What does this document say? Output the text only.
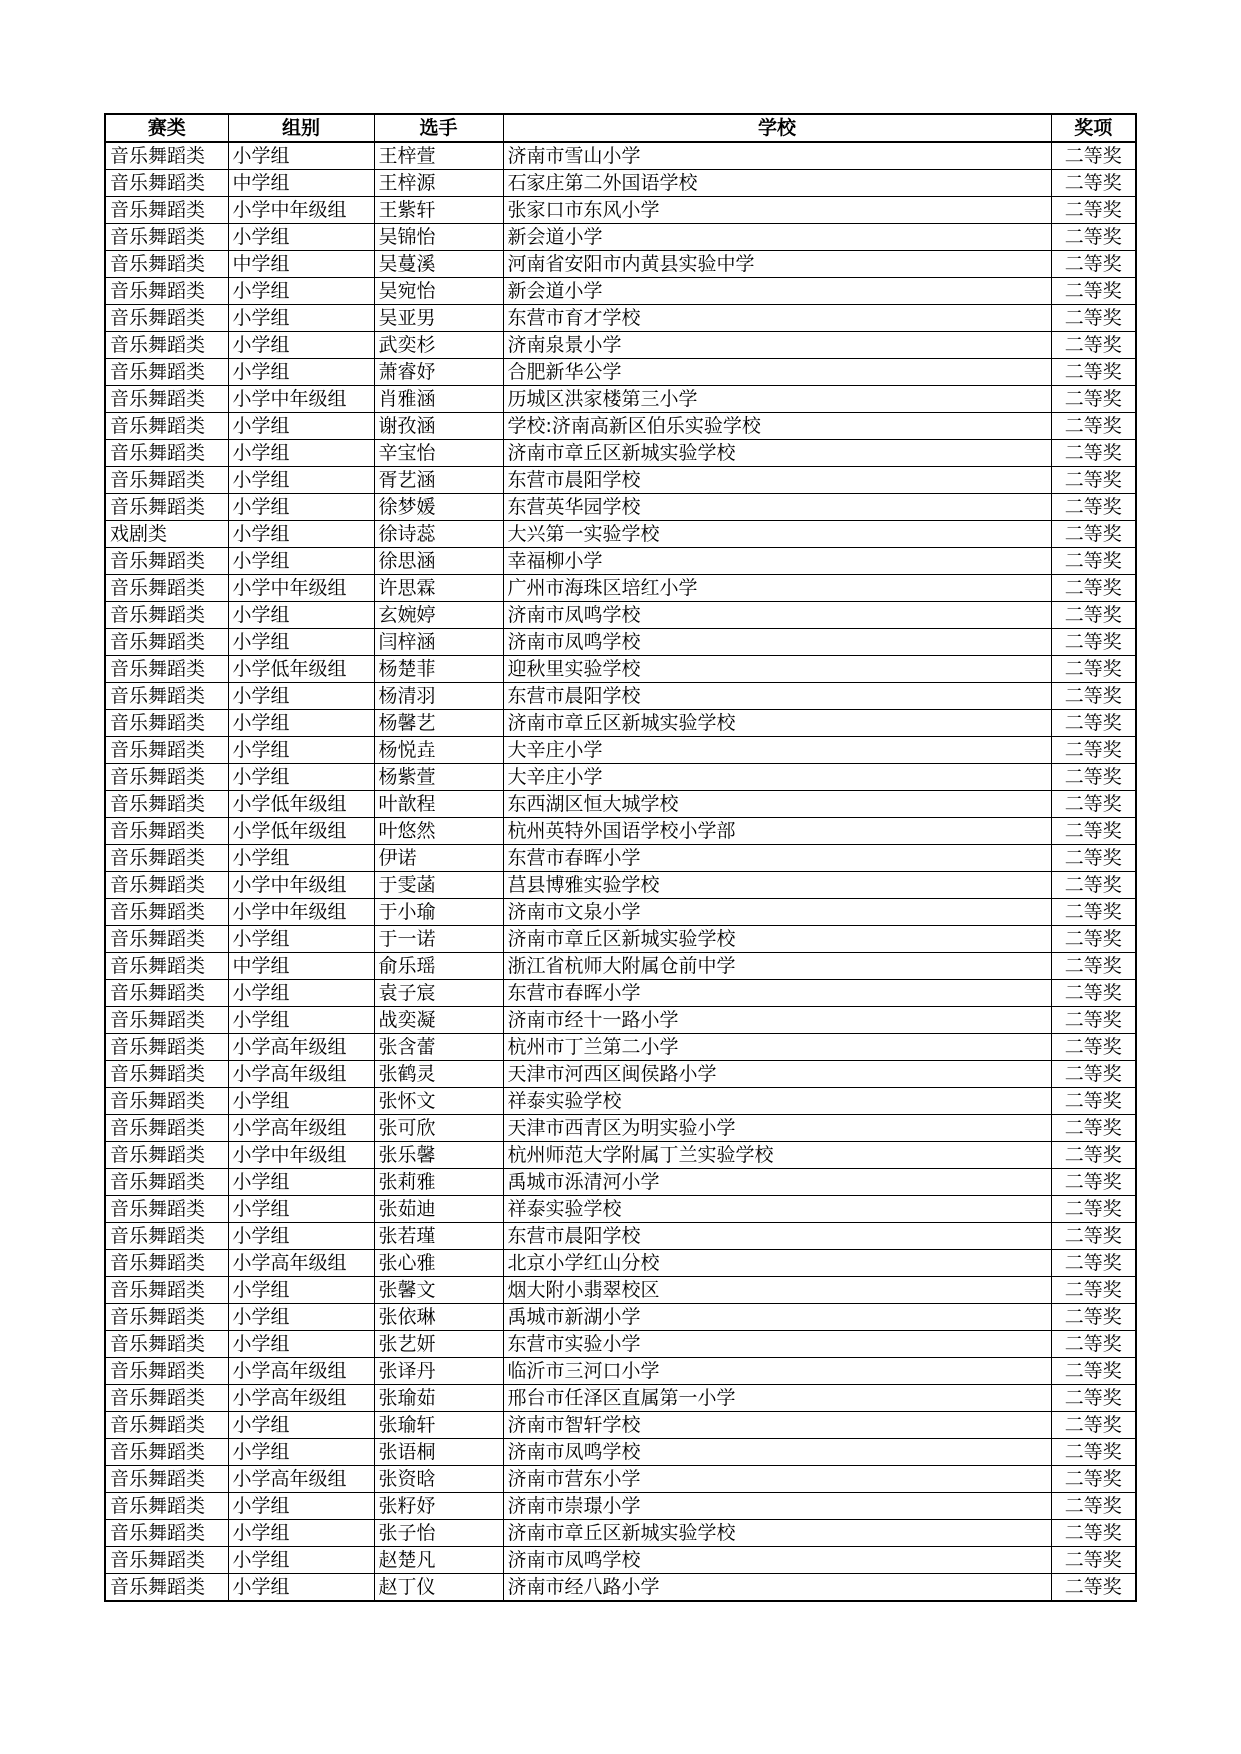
赛类	组别	选手	学校	奖项
音乐舞蹈类	小学组	王梓萱	济南市雪山小学	二等奖
音乐舞蹈类	中学组	王梓源	石家庄第二外国语学校	二等奖
音乐舞蹈类	小学中年级组	王紫轩	张家口市东风小学	二等奖
音乐舞蹈类	小学组	吴锦怡	新会道小学	二等奖
音乐舞蹈类	中学组	吴蔓溪	河南省安阳市内黄县实验中学	二等奖
音乐舞蹈类	小学组	吴宛怡	新会道小学	二等奖
音乐舞蹈类	小学组	吴亚男	东营市育才学校	二等奖
音乐舞蹈类	小学组	武奕杉	济南泉景小学	二等奖
音乐舞蹈类	小学组	萧睿妤	合肥新华公学	二等奖
音乐舞蹈类	小学中年级组	肖雅涵	历城区洪家楼第三小学	二等奖
音乐舞蹈类	小学组	谢孜涵	学校:济南高新区伯乐实验学校	二等奖
音乐舞蹈类	小学组	辛宝怡	济南市章丘区新城实验学校	二等奖
音乐舞蹈类	小学组	胥艺涵	东营市晨阳学校	二等奖
音乐舞蹈类	小学组	徐梦媛	东营英华园学校	二等奖
戏剧类	小学组	徐诗蕊	大兴第一实验学校	二等奖
音乐舞蹈类	小学组	徐思涵	幸福柳小学	二等奖
音乐舞蹈类	小学中年级组	许思霖	广州市海珠区培红小学	二等奖
音乐舞蹈类	小学组	玄婉婷	济南市凤鸣学校	二等奖
音乐舞蹈类	小学组	闫梓涵	济南市凤鸣学校	二等奖
音乐舞蹈类	小学低年级组	杨楚菲	迎秋里实验学校	二等奖
音乐舞蹈类	小学组	杨清羽	东营市晨阳学校	二等奖
音乐舞蹈类	小学组	杨馨艺	济南市章丘区新城实验学校	二等奖
音乐舞蹈类	小学组	杨悦垚	大辛庄小学	二等奖
音乐舞蹈类	小学组	杨紫萱	大辛庄小学	二等奖
音乐舞蹈类	小学低年级组	叶歆程	东西湖区恒大城学校	二等奖
音乐舞蹈类	小学低年级组	叶悠然	杭州英特外国语学校小学部	二等奖
音乐舞蹈类	小学组	伊诺	东营市春晖小学	二等奖
音乐舞蹈类	小学中年级组	于雯菡	莒县博雅实验学校	二等奖
音乐舞蹈类	小学中年级组	于小瑜	济南市文泉小学	二等奖
音乐舞蹈类	小学组	于一诺	济南市章丘区新城实验学校	二等奖
音乐舞蹈类	中学组	俞乐瑶	浙江省杭师大附属仓前中学	二等奖
音乐舞蹈类	小学组	袁子宸	东营市春晖小学	二等奖
音乐舞蹈类	小学组	战奕凝	济南市经十一路小学	二等奖
音乐舞蹈类	小学高年级组	张含蕾	杭州市丁兰第二小学	二等奖
音乐舞蹈类	小学高年级组	张鹤灵	天津市河西区闽侯路小学	二等奖
音乐舞蹈类	小学组	张怀文	祥泰实验学校	二等奖
音乐舞蹈类	小学高年级组	张可欣	天津市西青区为明实验小学	二等奖
音乐舞蹈类	小学中年级组	张乐馨	杭州师范大学附属丁兰实验学校	二等奖
音乐舞蹈类	小学组	张莉雅	禹城市泺清河小学	二等奖
音乐舞蹈类	小学组	张茹迪	祥泰实验学校	二等奖
音乐舞蹈类	小学组	张若瑾	东营市晨阳学校	二等奖
音乐舞蹈类	小学高年级组	张心雅	北京小学红山分校	二等奖
音乐舞蹈类	小学组	张馨文	烟大附小翡翠校区	二等奖
音乐舞蹈类	小学组	张依琳	禹城市新湖小学	二等奖
音乐舞蹈类	小学组	张艺妍	东营市实验小学	二等奖
音乐舞蹈类	小学高年级组	张译丹	临沂市三河口小学	二等奖
音乐舞蹈类	小学高年级组	张瑜茹	邢台市任泽区直属第一小学	二等奖
音乐舞蹈类	小学组	张瑜轩	济南市智轩学校	二等奖
音乐舞蹈类	小学组	张语桐	济南市凤鸣学校	二等奖
音乐舞蹈类	小学高年级组	张资晗	济南市营东小学	二等奖
音乐舞蹈类	小学组	张籽妤	济南市崇璟小学	二等奖
音乐舞蹈类	小学组	张子怡	济南市章丘区新城实验学校	二等奖
音乐舞蹈类	小学组	赵楚凡	济南市凤鸣学校	二等奖
音乐舞蹈类	小学组	赵丁仪	济南市经八路小学	二等奖
